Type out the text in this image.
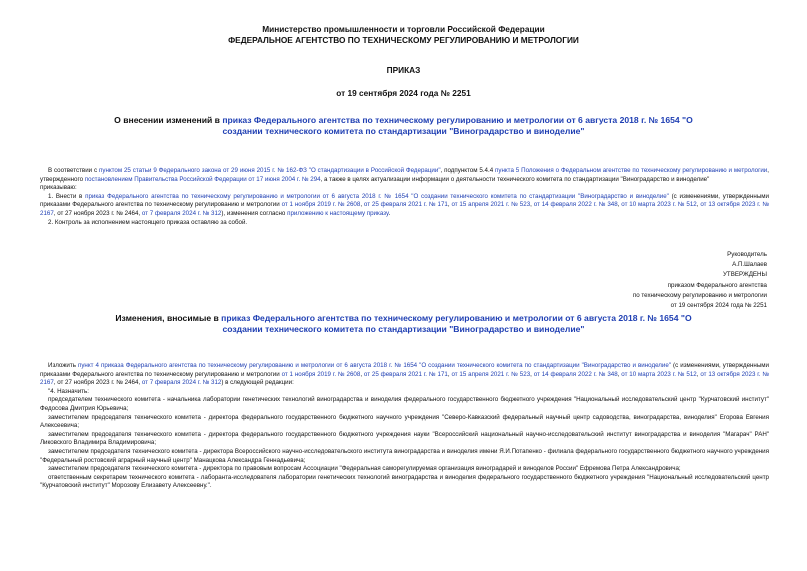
Министерство промышленности и торговли Российской Федерации

ФЕДЕРАЛЬНОЕ АГЕНТСТВО ПО ТЕХНИЧЕСКОМУ РЕГУЛИРОВАНИЮ И МЕТРОЛОГИИ

ПРИКАЗ
от 19 сентября 2024 года № 2251
О внесении изменений в приказ Федерального агентства по техническому регулированию и метрологии от 6 августа 2018 г. № 1654 "О создании технического комитета по стандартизации "Виноградарство и виноделие"

В соответствии с пунктом 25 статьи 9 Федерального закона от 29 июня 2015 г. № 162-ФЗ "О стандартизации в Российской Федерации", подпунктом 5.4.4 пункта 5 Положения о Федеральном агентстве по техническому регулированию и метрологии, утвержденного постановлением Правительства Российской Федерации от 17 июня 2004 г. № 294, а также в целях актуализации информации о деятельности технического комитета по стандартизации "Виноградарство и виноделие"

приказываю:

1. Внести в приказ Федерального агентства по техническому регулированию и метрологии от 6 августа 2018 г. № 1654 "О создании технического комитета по стандартизации "Виноградарство и виноделие" (с изменениями, утвержденными приказами Федерального агентства по техническому регулированию и метрологии от 1 ноября 2019 г. № 2608, от 25 февраля 2021 г. № 171, от 15 апреля 2021 г. № 523, от 14 февраля 2022 г. № 348, от 10 марта 2023 г. № 512, от 13 октября 2023 г. № 2167, от 27 ноября 2023 г. № 2464, от 7 февраля 2024 г. № 312), изменения согласно приложению к настоящему приказу.

2. Контроль за исполнением настоящего приказа оставляю за собой.

Руководитель

А.П.Шалаев

УТВЕРЖДЕНЫ

приказом Федерального агентства

по техническому регулированию и метрологии

от 19 сентября 2024 года № 2251

Изменения, вносимые в приказ Федерального агентства по техническому регулированию и метрологии от 6 августа 2018 г. № 1654 "О создании технического комитета по стандартизации "Виноградарство и виноделие"

Изложить пункт 4 приказа Федерального агентства по техническому регулированию и метрологии от 6 августа 2018 г. № 1654 "О создании технического комитета по стандартизации "Виноградарство и виноделие" (с изменениями, утвержденными приказами Федерального агентства по техническому регулированию и метрологии от 1 ноября 2019 г. № 2608, от 25 февраля 2021 г. № 171, от 15 апреля 2021 г. № 523, от 14 февраля 2022 г. № 348, от 10 марта 2023 г. № 512, от 13 октября 2023 г. № 2167, от 27 ноября 2023 г. № 2464, от 7 февраля 2024 г. № 312) в следующей редакции:

"4. Назначить:

председателем технического комитета - начальника лаборатории генетических технологий виноградарства и виноделия федерального государственного бюджетного учреждения "Национальный исследовательский центр "Курчатовский институт" Федосова Дмитрия Юрьевича;

заместителем председателя технического комитета - директора федерального государственного бюджетного научного учреждения "Северо-Кавказский федеральный научный центр садоводства, виноградарства, виноделия" Егорова Евгения Алексеевича;

заместителем председателя технического комитета - директора федерального государственного бюджетного учреждения науки "Всероссийский национальный научно-исследовательский институт виноградарства и виноделия "Магарач" РАН" Ликовского Владимира Владимировича;

заместителем председателя технического комитета - директора Всероссийского научно-исследовательского института виноградарства и виноделия имени Я.И.Потапенко - филиала федерального государственного бюджетного научного учреждения "Федеральный ростовский аграрный научный центр" Манацкова Александра Геннадьевича;

заместителем председателя технического комитета - директора по правовым вопросам Ассоциации "Федеральная саморегулируемая организация виноградарей и виноделов России" Ефремова Петра Александровича;

ответственным секретарем технического комитета - лаборанта-исследователя лаборатории генетических технологий виноградарства и виноделия федерального государственного бюджетного учреждения "Национальный исследовательский центр "Курчатовский институт" Морозову Елизавету Алексеевну.".
